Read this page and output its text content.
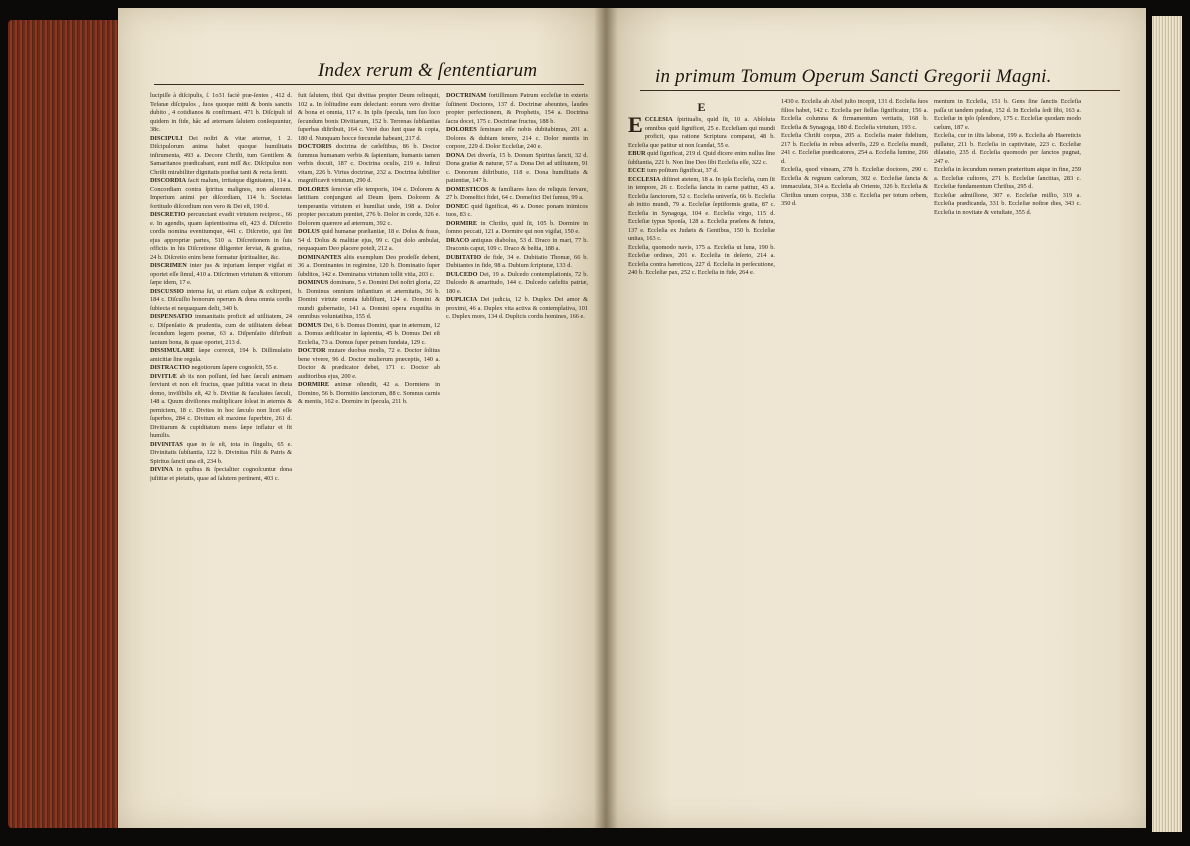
Index rerum & ſententiarum	in primum Tomum Operum Sancti Gregorii Magni.

lucipiſſe à diſcipulis, ſ. 1o31 faciè præ-ſentes , 412 d. Tefanæ diſcipulos , ſuos quoque mitti & bonis sanctis dubito , 4 cotidianos & confirmant. 471 b. Diſcipuli id quidem in fide, hâc ad æternam ſalutem conſequuntur, 38c.

DISCIPULI Dei noſtri & vitæ æternæ, 1 2. Diſcipulorum anima habet quoque humilitatis inſtrumenta, 493 a. Decore Chriſti, tum Gentilem & Samaritanos prædicabant, eunt miſſ &c. Diſcipulus non Chriſti mirabiliter dignitatis præſtat tanti & recta ſentit.

DISCORDIA facit malum, irritatque dignitatem, 114 a. Concordiam contra ſpiritus malignos, non alienum. Imperium animi per diſcordiam, 114 b. Societas fortitudo diſcordium non vero & Dei eſt, 190 d.

DISCRETIO percunctant evadit virtutem reciproc., 66 e. In agendis, quam ſapientissima eſt, 423 d. Diſcretio cordis nomina eventiumque, 441 c. Diſcretio, qui ſint ejus appropriæ partes, 510 a. Diſcretionem in ſuis officiis in his Diſcretione diligenter ſerviat, & gratius, 24 b. Diſcretio enim bene formatur ſpiritualiter, &c.

DISCRIMEN inter jus & injuriam ſemper vigilat et oportet eſſe ſimul, 410 a. Diſcrimen virtutum & vitiorum ſæpe idem, 17 e.

DISCUSSIO interna ſui, ut etiam culpæ & exſtirpent, 184 c. Diſcuſſio bonorum operum & dona omnia cordis ſubiecta et nequaquam deſit, 340 b.

DISPENSATIO immanitatis proficit ad utilitatem, 24 c. Diſpenſatio & prudentia, cum de utilitatem debeat ſecundum legem poenæ, 63 a. Diſpenſatio diſtribuit tantum bona, & quae oportet, 213 d.

DISSIMULARE ſæpe correxit, 194 b. Diſſimulatio amicitiæ ſine regula.

DISTRACTIO negotiorum ſapere cognoſcit, 55 e.

DIVITIÆ ab iis non poſſunt, ſed hæc ſæculi animam ſerviunt et non eſt fructus, quae juſtitia vacat in dieta domo, inviſibilis eſt, 42 b. Divitiæ & facultates ſæculi, 148 a. Quum diviſiones multiplicare ſoleat in æternis & perniciem, 18 c. Divites in hoc ſæculo non licet eſſe ſuperbos, 284 c. Divitum eſt maxime ſuperbire, 261 d. Divitiarum & cupiditatum mens ſæpe inflatur et fit humilis.

DIVINITAS quæ in ſe eſt, tota in ſingulis, 65 e. Divinitatis ſubſtantia, 122 b. Divinitas Filii & Patris & Spiritus ſancti una eſt, 234 b.

DIVINA in quibus & ſpecialiter cognoſcuntur dona juſtitiæ et pietatis, quae ad ſalutem pertinent, 403 c.

fuit ſalutem, ibid. Qui divitias propter Deum relinquit, 102 a. In ſolitudine eum delectant: eorum vero divitiæ & bona et omnia, 117 e. In ipſis ſpecula, tum ſuo loco ſecundum bonis Divitiarum, 152 b. Terrenas ſubſtantias ſuperbas diſtribuit, 164 c. Verè duo ſunt quae & copia, 180 d. Nunquam hocce fœcundæ habeant, 217 d.

DOCTORIS doctrina de cæleſtibus, 86 b. Doctor ſummus humanam verbis & ſapientiam, humanis tamen verbis docuit, 187 c. Doctrina oculis, 219 e. Inſtrui vitam, 226 b. Virtus doctrinæ, 232 a. Doctrina ſubtiliter magnificavit virtutum, 290 d.

DOLORES ſemiviæ eſſe temporis, 104 c. Dolorem & lætitiam conjungunt ad Deum ſpem. Dolorem & temperantia virtutem et humiliat unde, 198 a. Dolor propter peccatum pœnitet, 276 b. Dolor in corde, 326 e. Dolorem quærere ad æternum, 392 c.

DOLUS quid humanæ præſtantiæ, 18 e. Dolus & fraus, 54 d. Dolus & malitiæ ejus, 99 c. Qui dolo ambulat, nequaquam Deo placere poteſt, 212 a.

DOMINANTES aliis exemplum Deo prodeſſe debent, 36 a. Dominantes in regimine, 120 b. Dominatio ſuper ſubditos, 142 e. Dominatus virtutum tollit vitia, 203 c.

DOMINUS dominans, 5 e. Domini Dei noſtri gloria, 22 b. Dominus omnium inſtantium et æternitatis, 36 b. Domini virtute omnia ſubſiſtunt, 124 e. Domini & mundi gubernatio, 141 a. Domini opera exquiſita in omnibus voluntatibus, 155 d.

DOMUS Dei, 6 b. Domus Domini, quæ in æternum, 12 a. Domus ædificatur in ſapientia, 45 b. Domus Dei eſt Eccleſia, 73 a. Domus ſuper petram fundata, 129 c.

DOCTOR mutare duobus modis, 72 e. Doctor ſolitus bene vivere, 96 d. Doctor mulierum præceptis, 140 a. Doctor & prædicator debet, 171 c. Doctor ab auditoribus ejus, 200 e.

DORMIRE animæ oſtendit, 42 a. Dormiens in Domino, 56 b. Dormitio ſanctorum, 88 c. Somnus carnis & mentis, 162 e. Dormire in ſpecula, 211 b.

DOCTRINAM fortiſſimum Patrum eccleſiæ in exteris ſuſtinent Doctores, 137 d. Doctrinæ abeuntes, laudes propter perfectionem, & Prophetis, 154 a. Doctrina ſacra docet, 175 c. Doctrinæ fructus, 188 b.

DOLORES ſeminare eſſe nobis dubitabimus, 201 a. Dolores & dubiam tenere, 214 c. Dolor mentis in corpore, 229 d. Dolor Eccleſiæ, 240 e.

DONA Dei diverſa, 15 b. Donum Spiritus ſancti, 32 d. Dona gratiæ & naturæ, 57 a. Dona Dei ad utilitatem, 91 c. Donorum diſtributio, 118 e. Dona humilitatis & patientiæ, 147 b.

DOMESTICOS & familiares ſuos de reliquis ſervare, 27 b. Domeſtici fidei, 64 c. Domeſtici Dei ſumus, 99 a.

DONEC quid ſignificat, 46 a. Donec ponam inimicos tuos, 83 c.

DORMIRE in Chriſto, quid ſit, 105 b. Dormire in ſomno peccati, 121 a. Dormire qui non vigilat, 150 e.

DRACO antiquus diabolus, 53 d. Draco in mari, 77 b. Draconis caput, 109 c. Draco & beſtia, 188 a.

DUBITATIO de fide, 34 e. Dubitatio Thomæ, 66 b. Dubitantes in fide, 98 a. Dubium ſcripturæ, 133 d.

DULCEDO Dei, 19 a. Dulcedo contemplationis, 72 b. Dulcedo & amaritudo, 144 c. Dulcedo cæleſtis patriæ, 180 e.

DUPLICIA Dei judicia, 12 b. Duplex Dei amor & proximi, 46 a. Duplex vita activa & contemplativa, 101 c. Duplex mors, 134 d. Duplicis cordis homines, 166 e.

E
E CCLESIA ſpiritualis, quid ſit, 10 a. Abſoluta omnibus quid ſignificet, 25 e. Eccleſiam qui mundi proficit, qua ratione Scriptura comparat, 48 b. Eccleſia que patitur ut non ſcandat, 55 e.

EBUR quid ſignificat, 219 d. Quid dicere enim nullus ſine ſubſtantia, 221 b. Non ſine Deo ſibi Eccleſia eſſe, 322 c.

ECCE tum poſitum ſignificat, 37 d.

ECCLESIA diſtinet atetem, 18 a. In ipſa Eccleſia, cum ſit in tempore, 26 c. Eccleſia ſancta in carne patitur, 43 a. Eccleſia ſanctorum, 52 c. Eccleſia univerſa, 66 b. Eccleſia ab initio mundi, 79 a. Eccleſiæ ſeptiformis gratia, 87 c. Eccleſia in Synagoga, 104 e. Eccleſia virgo, 115 d. Eccleſiæ typus Sponſa, 128 a. Eccleſia præſens & futura, 137 e. Eccleſia ex Judæis & Gentibus, 150 b. Eccleſiæ unitas, 163 c.

Eccleſia, quomodo navis, 175 a. Eccleſia ut luna, 190 b. Eccleſiæ ordines, 201 e. Eccleſia in deſerto, 214 a. Eccleſia contra hæreticos, 227 d. Eccleſia in perſecutione, 240 b. Eccleſiæ pax, 252 c. Eccleſia in fide, 264 e.

1430 e. Eccleſia ab Abel juſto incepit, 131 d. Eccleſia ſuos filios habet, 142 c. Eccleſia per ſtellas ſignificatur, 156 a. Eccleſia columna & firmamentum veritatis, 168 b. Eccleſia & Synagoga, 180 d. Eccleſia virtutum, 193 c.

Eccleſia Chriſti corpus, 205 a. Eccleſia mater fidelium, 217 b. Eccleſia in rebus adverſis, 229 e. Eccleſia mundi, 241 c. Eccleſiæ prædicatores, 254 a. Eccleſia lumine, 266 d.

Eccleſia, quod vineam, 278 b. Eccleſiæ doctores, 290 c. Eccleſia & regnum cælorum, 302 e. Eccleſiæ ſancta & immaculata, 314 a. Eccleſia ab Oriente, 326 b. Eccleſia & Chriſtus unum corpus, 338 c. Eccleſia per totum orbem, 350 d.

mentum in Eccleſia, 151 b. Gens ſine ſanctis Eccleſia paſſa ut tandem pudeat, 152 d. In Eccleſia ſedi ſibi, 163 a. Eccleſiæ in ipſo ſplendore, 175 c. Eccleſiæ quodam modo cælum, 187 e.

Eccleſia, cur in iſtis laborat, 199 a. Eccleſia ab Haereticis pullatur, 211 b. Eccleſia in captivitate, 223 c. Eccleſiæ dilatatio, 235 d. Eccleſia quomodo per ſanctos pugnat, 247 e.

Eccleſia in ſecundum nomen præteritum atque in fine, 259 a. Eccleſiæ cultores, 271 b. Eccleſiæ ſanctitas, 283 c. Eccleſiæ fundamentum Chriſtus, 295 d.

Eccleſiæ admiſſione, 307 e. Eccleſiæ miſſio, 319 a. Eccleſia prædicanda, 331 b. Eccleſiæ noſtræ dies, 343 c. Eccleſia in novitate & vetuſtate, 355 d.
